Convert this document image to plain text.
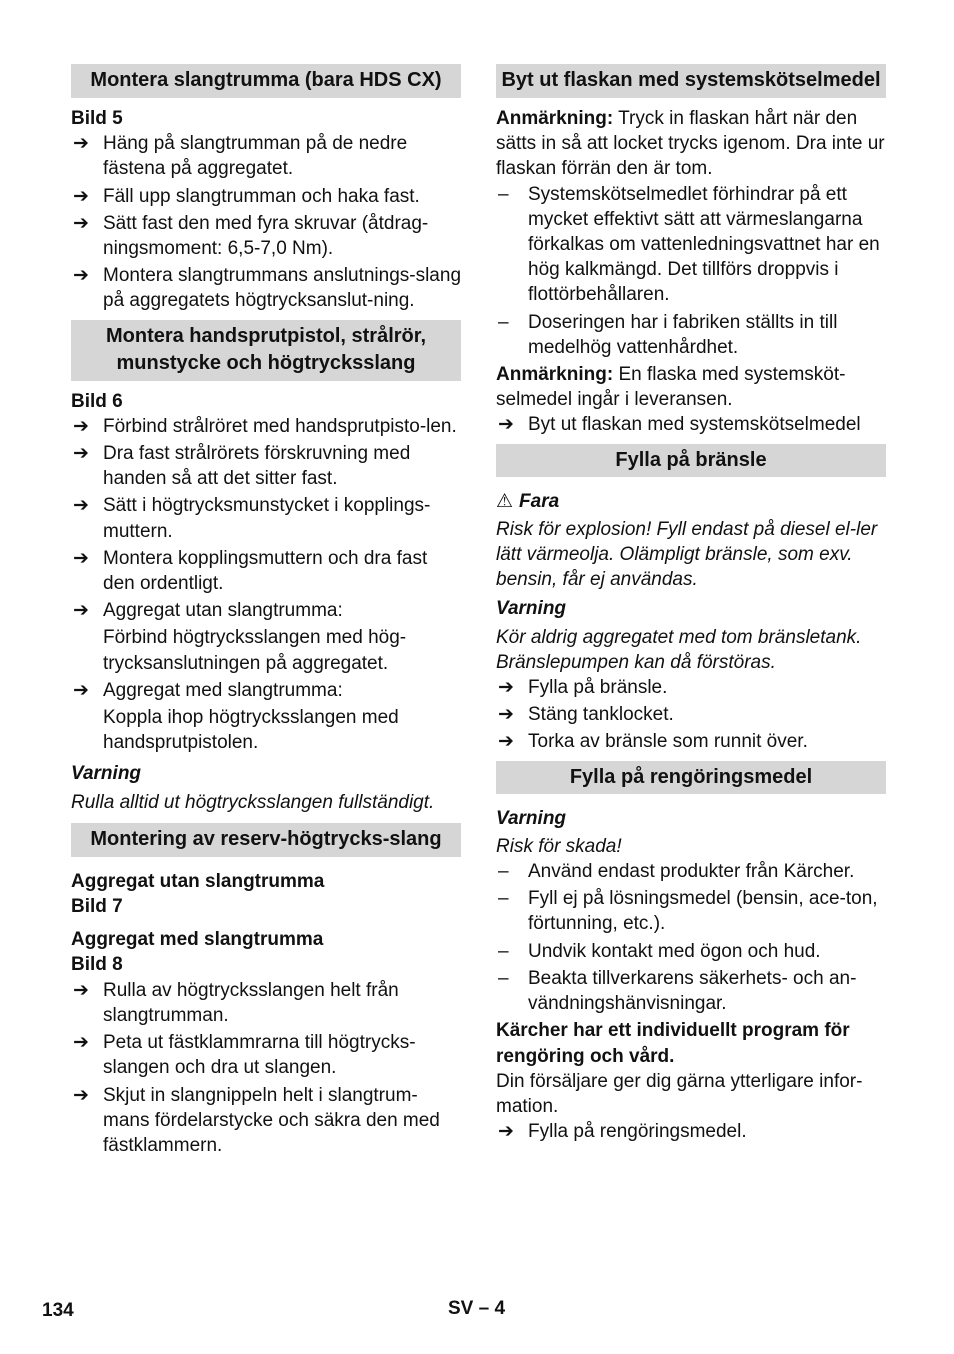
Montera slangtrumma (bara HDS CX)

Bild 5

➔ Häng på slangtrumman på de nedre fästena på aggregatet.
➔ Fäll upp slangtrumman och haka fast.
➔ Sätt fast den med fyra skruvar (åtdrag-ningsmoment: 6,5-7,0 Nm).
➔ Montera slangtrummans anslutnings-slang på aggregatets högtrycksanslut-ning.
Montera handsprutpistol, strålrör, munstycke och högtrycksslang

Bild 6

➔ Förbind strålröret med handsprutpisto-len.
➔ Dra fast strålrörets förskruvning med handen så att det sitter fast.
➔ Sätt i högtrycksmunstycket i kopplings-muttern.
➔ Montera kopplingsmuttern och dra fast den ordentligt.
➔ Aggregat utan slangtrumma:
Förbind högtrycksslangen med hög-trycksanslutningen på aggregatet.
➔ Aggregat med slangtrumma:
Koppla ihop högtrycksslangen med handsprutpistolen.

Varning

Rulla alltid ut högtrycksslangen fullständigt.

Montering av reserv-högtrycks-slang

Aggregat utan slangtrumma

Bild 7

Aggregat med slangtrumma

Bild 8

➔ Rulla av högtrycksslangen helt från slangtrumman.
➔ Peta ut fästklammrarna till högtrycks-slangen och dra ut slangen.
➔ Skjut in slangnippeln helt i slangtrum-mans fördelarstycke och säkra den med fästklammern.
Byt ut flaskan med systemskötselmedel

Anmärkning: Tryck in flaskan hårt när den sätts in så att locket trycks igenom. Dra inte ur flaskan förrän den är tom.

– Systemskötselmedlet förhindrar på ett mycket effektivt sätt att värmeslangarna förkalkas om vattenledningsvattnet har en hög kalkmängd. Det tillförs droppvis i flottörbehållaren.
– Doseringen har i fabriken ställts in till medelhög vattenhårdhet.

Anmärkning: En flaska med systemsköt-selmedel ingår i leveransen.

➔ Byt ut flaskan med systemskötselmedel
Fylla på bränsle

⚠ Fara

Risk för explosion! Fyll endast på diesel el-ler lätt värmeolja. Olämpligt bränsle, som exv. bensin, får ej användas.

Varning

Kör aldrig aggregatet med tom bränsletank. Bränslepumpen kan då förstöras.

➔ Fylla på bränsle.
➔ Stäng tanklocket.
➔ Torka av bränsle som runnit över.
Fylla på rengöringsmedel

Varning

Risk för skada!

– Använd endast produkter från Kärcher.
– Fyll ej på lösningsmedel (bensin, ace-ton, förtunning, etc.).
– Undvik kontakt med ögon och hud.
– Beakta tillverkarens säkerhets- och an-vändningshänvisningar.

Kärcher har ett individuellt program för rengöring och vård.

Din försäljare ger dig gärna ytterligare infor-mation.

➔ Fylla på rengöringsmedel.
134	SV – 4
